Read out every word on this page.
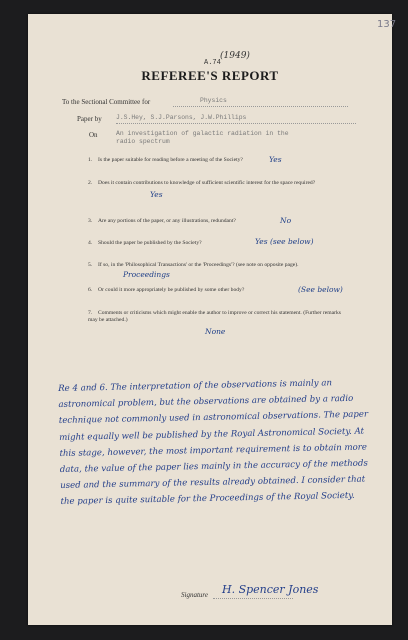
137
(1949)
A.74
REFEREE'S REPORT
To the Sectional Committee for	Physics
Paper by J.S.Hey, S.J.Parsons, J.W.Phillips
On	An investigation of galactic radiation in the
radio spectrum
1. Is the paper suitable for reading before a meeting of the Society?	Yes
2. Does it contain contributions to knowledge of sufficient scientific interest for the space required?
Yes
3. Are any portions of the paper, or any illustrations, redundant?	No
4. Should the paper be published by the Society?	Yes (see below)
5. If so, in the 'Philosophical Transactions' or the 'Proceedings'? (see note on opposite page).
Proceedings
6. Or could it more appropriately be published by some other body?	(See below)
7. Comments or criticisms which might enable the author to improve or correct his statement. (Further remarks may be attached.)
None
Re 4 and 6. The interpretation of the observations is mainly an astronomical problem, but the observations are obtained by a radio technique not commonly used in astronomical observations. The paper might equally well be published by the Royal Astronomical Society. At this stage, however, the most important requirement is to obtain more data, the value of the paper lies mainly in the accuracy of the methods used and the summary of the results already obtained. I consider that the paper is quite suitable for the Proceedings of the Royal Society.
Signature H. Spencer Jones
